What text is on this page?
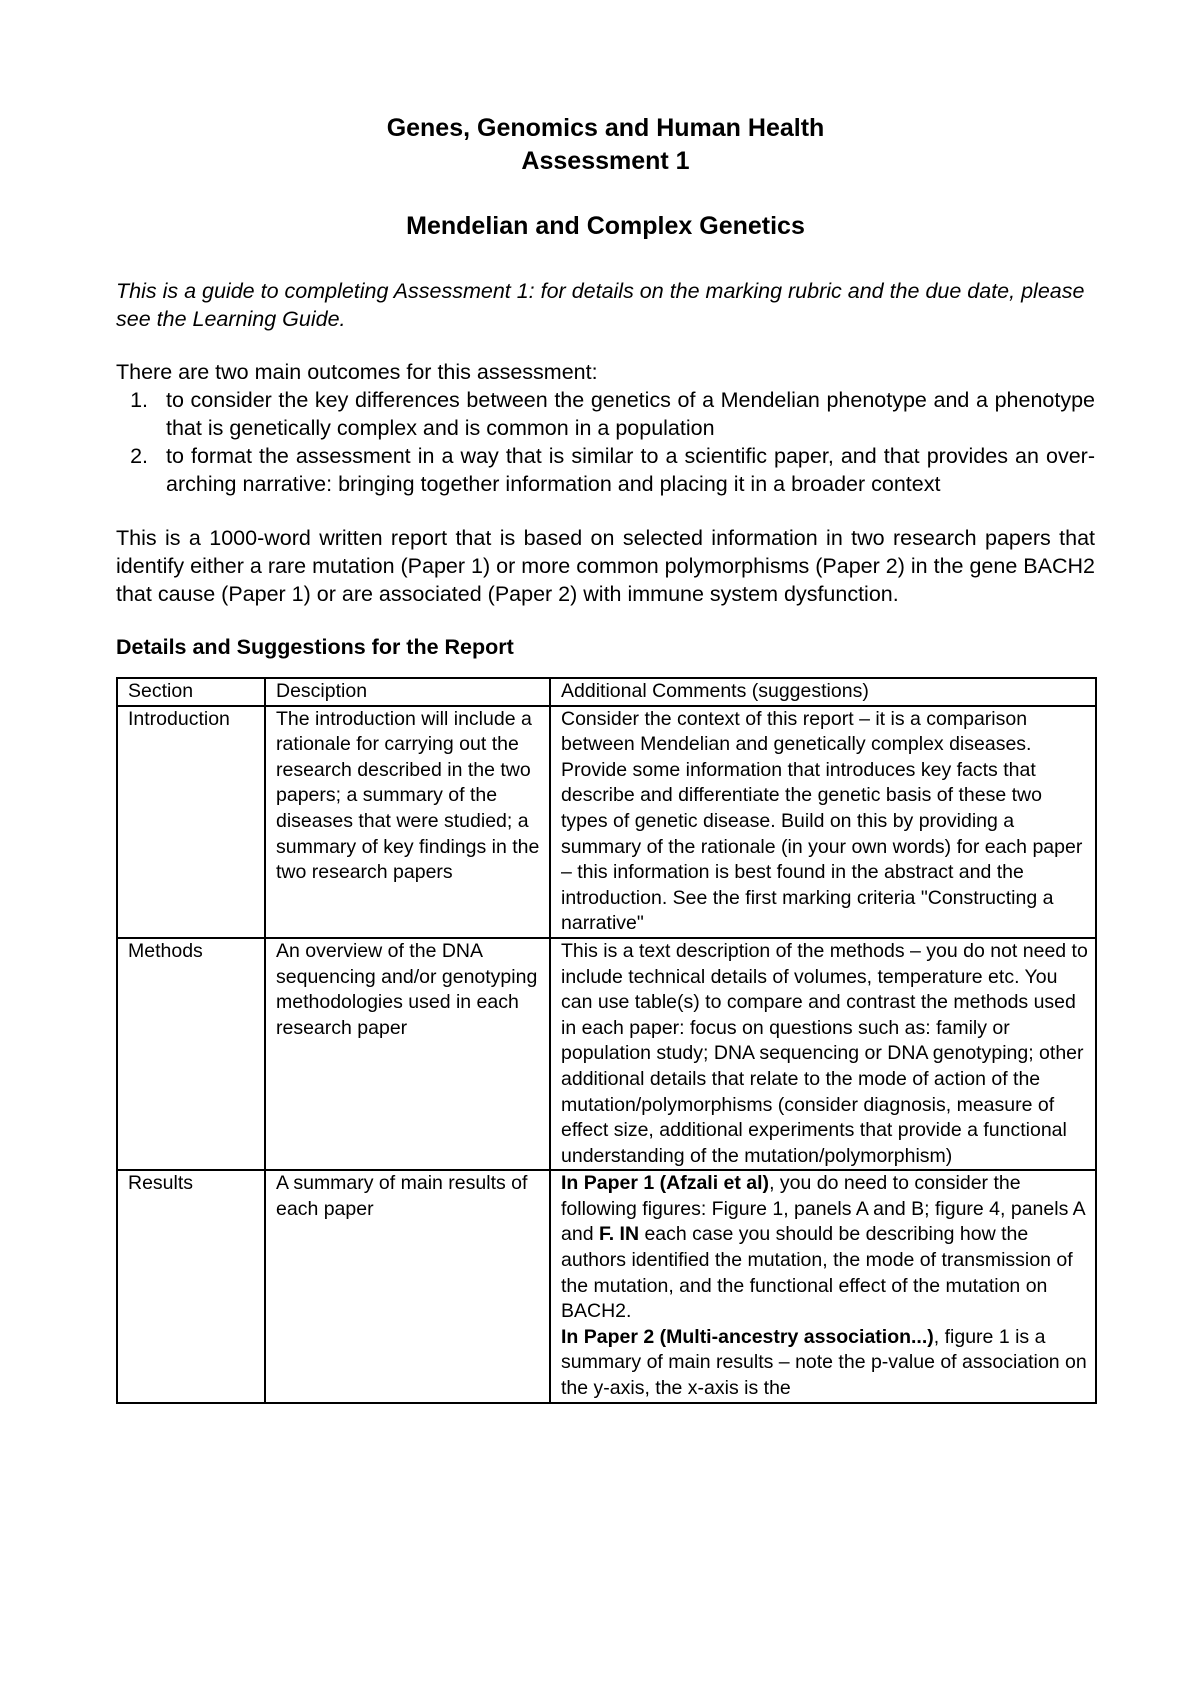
Genes, Genomics and Human Health
Assessment 1
Mendelian and Complex Genetics
This is a guide to completing Assessment 1: for details on the marking rubric and the due date, please see the Learning Guide.
There are two main outcomes for this assessment:
1. to consider the key differences between the genetics of a Mendelian phenotype and a phenotype that is genetically complex and is common in a population
2. to format the assessment in a way that is similar to a scientific paper, and that provides an over-arching narrative: bringing together information and placing it in a broader context
This is a 1000-word written report that is based on selected information in two research papers that identify either a rare mutation (Paper 1) or more common polymorphisms (Paper 2) in the gene BACH2 that cause (Paper 1) or are associated (Paper 2) with immune system dysfunction.
Details and Suggestions for the Report
Section	Desciption	Additional Comments (suggestions)
Introduction	The introduction will include a rationale for carrying out the research described in the two papers; a summary of the diseases that were studied; a summary of key findings in the two research papers	Consider the context of this report – it is a comparison between Mendelian and genetically complex diseases. Provide some information that introduces key facts that describe and differentiate the genetic basis of these two types of genetic disease. Build on this by providing a summary of the rationale (in your own words) for each paper – this information is best found in the abstract and the introduction. See the first marking criteria "Constructing a narrative"
Methods	An overview of the DNA sequencing and/or genotyping methodologies used in each research paper	This is a text description of the methods – you do not need to include technical details of volumes, temperature etc. You can use table(s) to compare and contrast the methods used in each paper: focus on questions such as: family or population study; DNA sequencing or DNA genotyping; other additional details that relate to the mode of action of the mutation/polymorphisms (consider diagnosis, measure of effect size, additional experiments that provide a functional understanding of the mutation/polymorphism)
Results	A summary of main results of each paper	In Paper 1 (Afzali et al), you do need to consider the following figures: Figure 1, panels A and B; figure 4, panels A and F. IN each case you should be describing how the authors identified the mutation, the mode of transmission of the mutation, and the functional effect of the mutation on BACH2.
In Paper 2 (Multi-ancestry association...), figure 1 is a summary of main results – note the p-value of association on the y-axis, the x-axis is the
